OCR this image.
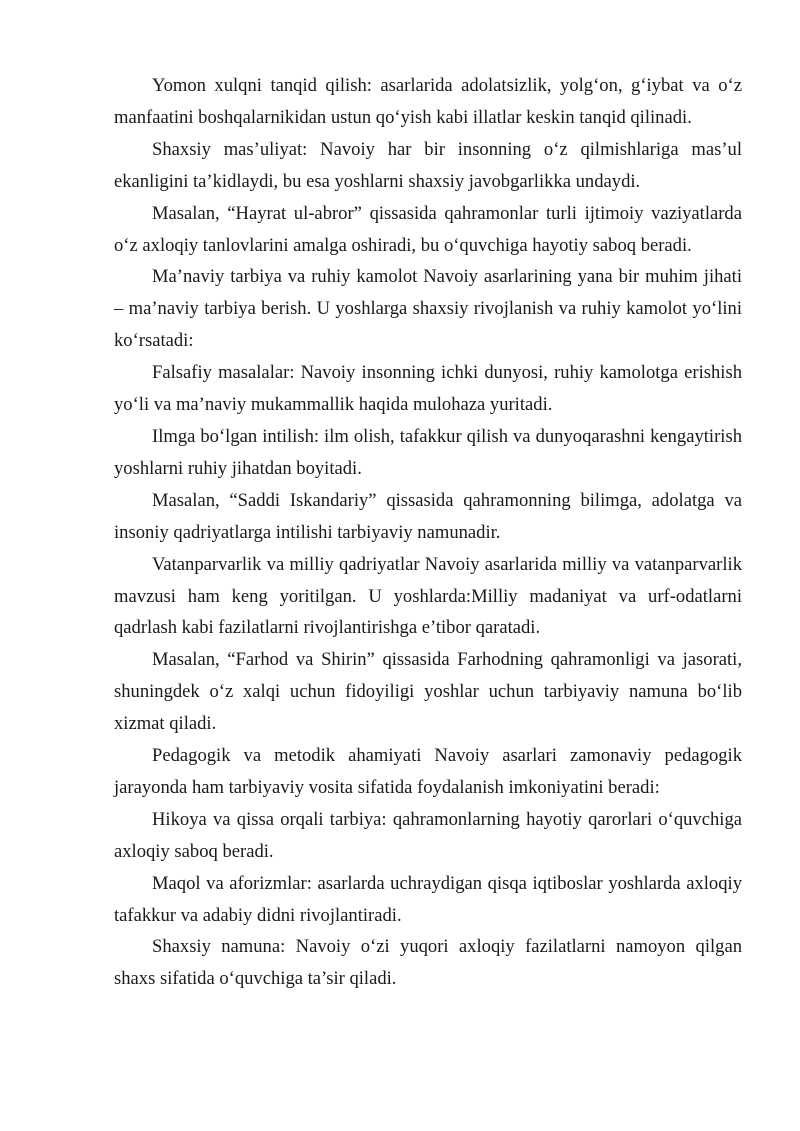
Yomon xulqni tanqid qilish: asarlarida adolatsizlik, yolg‘on, g‘iybat va o‘z manfaatini boshqalarnikidan ustun qo‘yish kabi illatlar keskin tanqid qilinadi.

Shaxsiy mas’uliyat: Navoiy har bir insonning o‘z qilmishlariga mas’ul ekanligini ta’kidlaydi, bu esa yoshlarni shaxsiy javobgarlikka undaydi.

Masalan, “Hayrat ul-abror” qissasida qahramonlar turli ijtimoiy vaziyatlarda o‘z axloqiy tanlovlarini amalga oshiradi, bu o‘quvchiga hayotiy saboq beradi.

Ma’naviy tarbiya va ruhiy kamolot Navoiy asarlarining yana bir muhim jihati – ma’naviy tarbiya berish. U yoshlarga shaxsiy rivojlanish va ruhiy kamolot yo‘lini ko‘rsatadi:

Falsafiy masalalar: Navoiy insonning ichki dunyosi, ruhiy kamolotga erishish yo‘li va ma’naviy mukammallik haqida mulohaza yuritadi.

Ilmga bo‘lgan intilish: ilm olish, tafakkur qilish va dunyoqarashni kengaytirish yoshlarni ruhiy jihatdan boyitadi.

Masalan, “Saddi Iskandariy” qissasida qahramonning bilimga, adolatga va insoniy qadriyatlarga intilishi tarbiyaviy namunadir.

Vatanparvarlik va milliy qadriyatlar Navoiy asarlarida milliy va vatanparvarlik mavzusi ham keng yoritilgan. U yoshlarda:Milliy madaniyat va urf-odatlarni qadrlash kabi fazilatlarni rivojlantirishga e’tibor qaratadi.

Masalan, “Farhod va Shirin” qissasida Farhodning qahramonligi va jasorati, shuningdek o‘z xalqi uchun fidoyiligi yoshlar uchun tarbiyaviy namuna bo‘lib xizmat qiladi.

Pedagogik va metodik ahamiyati Navoiy asarlari zamonaviy pedagogik jarayonda ham tarbiyaviy vosita sifatida foydalanish imkoniyatini beradi:

Hikoya va qissa orqali tarbiya: qahramonlarning hayotiy qarorlari o‘quvchiga axloqiy saboq beradi.

Maqol va aforizmlar: asarlarda uchraydigan qisqa iqtiboslar yoshlarda axloqiy tafakkur va adabiy didni rivojlantiradi.

Shaxsiy namuna: Navoiy o‘zi yuqori axloqiy fazilatlarni namoyon qilgan shaxs sifatida o‘quvchiga ta’sir qiladi.
